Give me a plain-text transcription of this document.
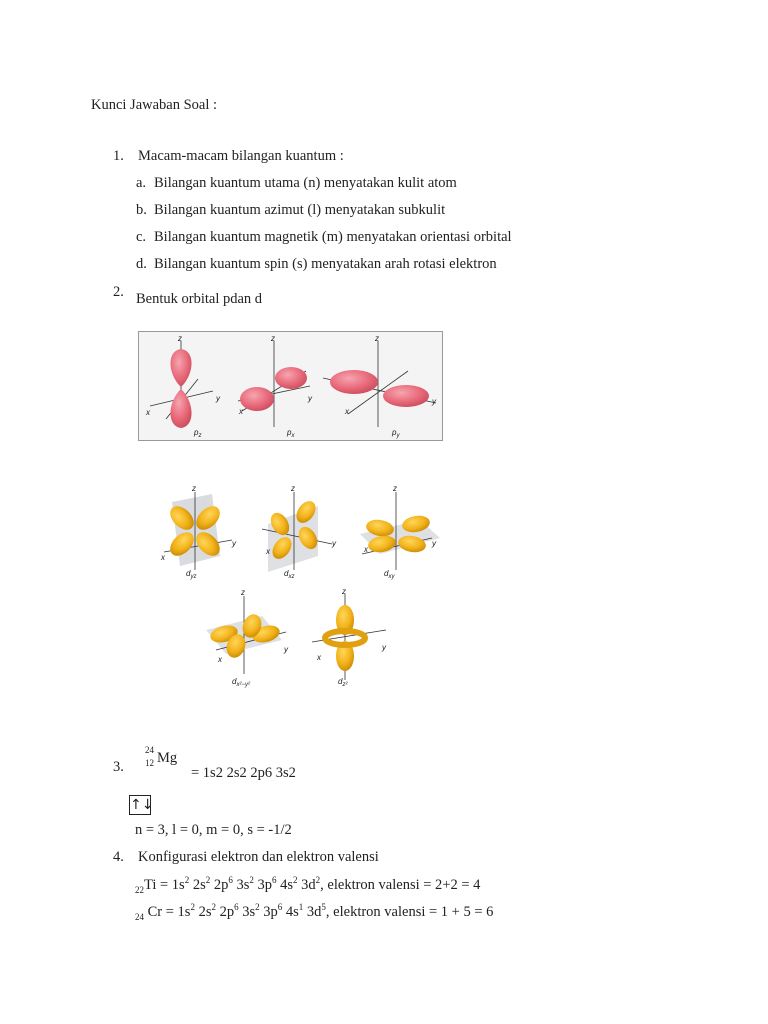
Kunci Jawaban Soal :
1. Macam-macam bilangan kuantum :
a. Bilangan kuantum utama (n) menyatakan kulit atom
b. Bilangan kuantum azimut (l) menyatakan subkulit
c. Bilangan kuantum magnetik (m) menyatakan orientasi orbital
d. Bilangan kuantum spin (s) menyatakan arah rotasi elektron
2. Bentuk orbital pdan d
z
x
y
z
x
y
z
x
y
$p_z$	$p_x$	$p_y$
z
x
y
z
x
y
z
x
y
$d_{yz}$	$d_{xz}$	$d_{xy}$
z
x
y
z
x
y
$d_{x^2-y^2}$	$d_{z^2}$
3.
24
12 Mg
= 1s2 2s2 2p6 3s2
↑↓
n = 3, l = 0, m = 0, s = -1/2
4. Konfigurasi elektron dan elektron valensi
$_{22}Ti = 1s^2$ $2s^2$ $2p^6$ $3s^2$ $3p^6$ $4s^2$ $3d^2$, elektron valensi = 2+2 = 4
$_{24}$ $Cr = 1s^2$ $2s^2$ $2p^6$ $3s^2$ $3p^6$ $4s^1$ $3d^5$, elektron valensi = 1 + 5 = 6
